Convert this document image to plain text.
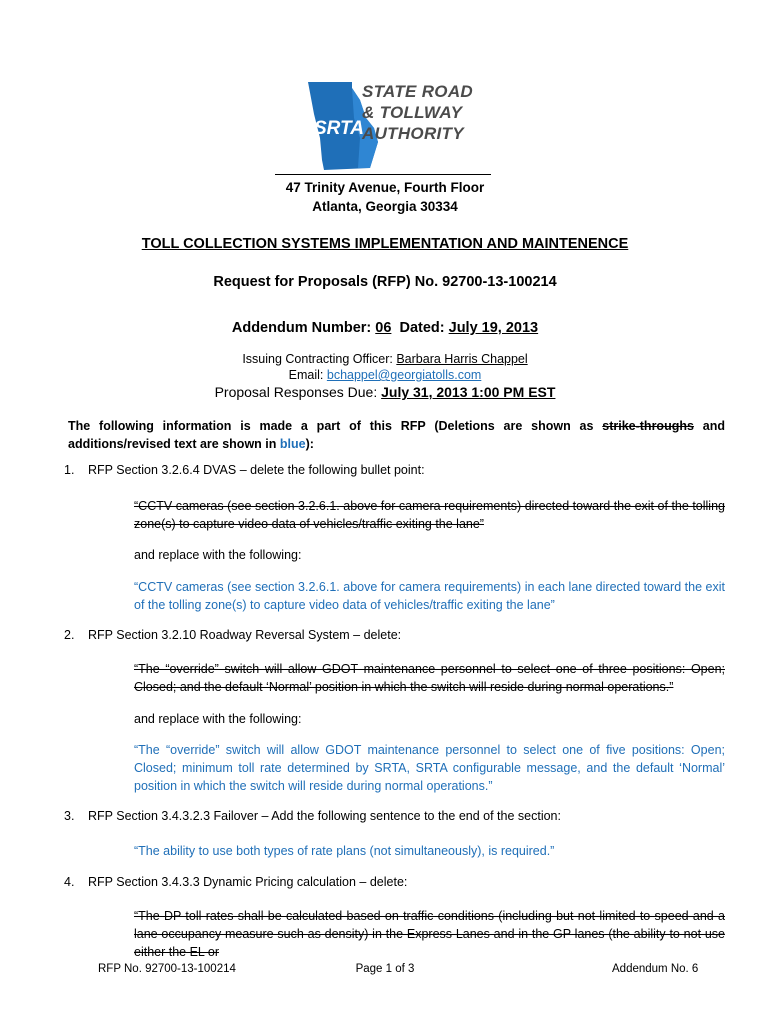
STATE ROAD
& TOLLWAY
AUTHORITY
SRTA
47 Trinity Avenue, Fourth Floor
Atlanta, Georgia 30334
TOLL COLLECTION SYSTEMS IMPLEMENTATION AND MAINTENENCE
Request for Proposals (RFP) No. 92700-13-100214
Addendum Number: 06 Dated: July 19, 2013
Issuing Contracting Officer: Barbara Harris Chappel
Email: bchappel@georgiatolls.com
Proposal Responses Due: July 31, 2013 1:00 PM EST
The following information is made a part of this RFP (Deletions are shown as strike-throughs and additions/revised text are shown in blue):
1. RFP Section 3.2.6.4 DVAS – delete the following bullet point:
“CCTV cameras (see section 3.2.6.1. above for camera requirements) directed toward the exit of the tolling zone(s) to capture video data of vehicles/traffic exiting the lane”
and replace with the following:
“CCTV cameras (see section 3.2.6.1. above for camera requirements) in each lane directed toward the exit of the tolling zone(s) to capture video data of vehicles/traffic exiting the lane”
2. RFP Section 3.2.10 Roadway Reversal System – delete:
“The “override” switch will allow GDOT maintenance personnel to select one of three positions: Open; Closed; and the default ‘Normal’ position in which the switch will reside during normal operations.”
and replace with the following:
“The “override” switch will allow GDOT maintenance personnel to select one of five positions: Open; Closed; minimum toll rate determined by SRTA, SRTA configurable message, and the default ‘Normal’ position in which the switch will reside during normal operations.”
3. RFP Section 3.4.3.2.3 Failover – Add the following sentence to the end of the section:
“The ability to use both types of rate plans (not simultaneously), is required.”
4. RFP Section 3.4.3.3 Dynamic Pricing calculation – delete:
“The DP toll rates shall be calculated based on traffic conditions (including but not limited to speed and a lane occupancy measure such as density) in the Express Lanes and in the GP lanes (the ability to not use either the EL or
RFP No. 92700-13-100214	Page 1 of 3	Addendum No. 6
